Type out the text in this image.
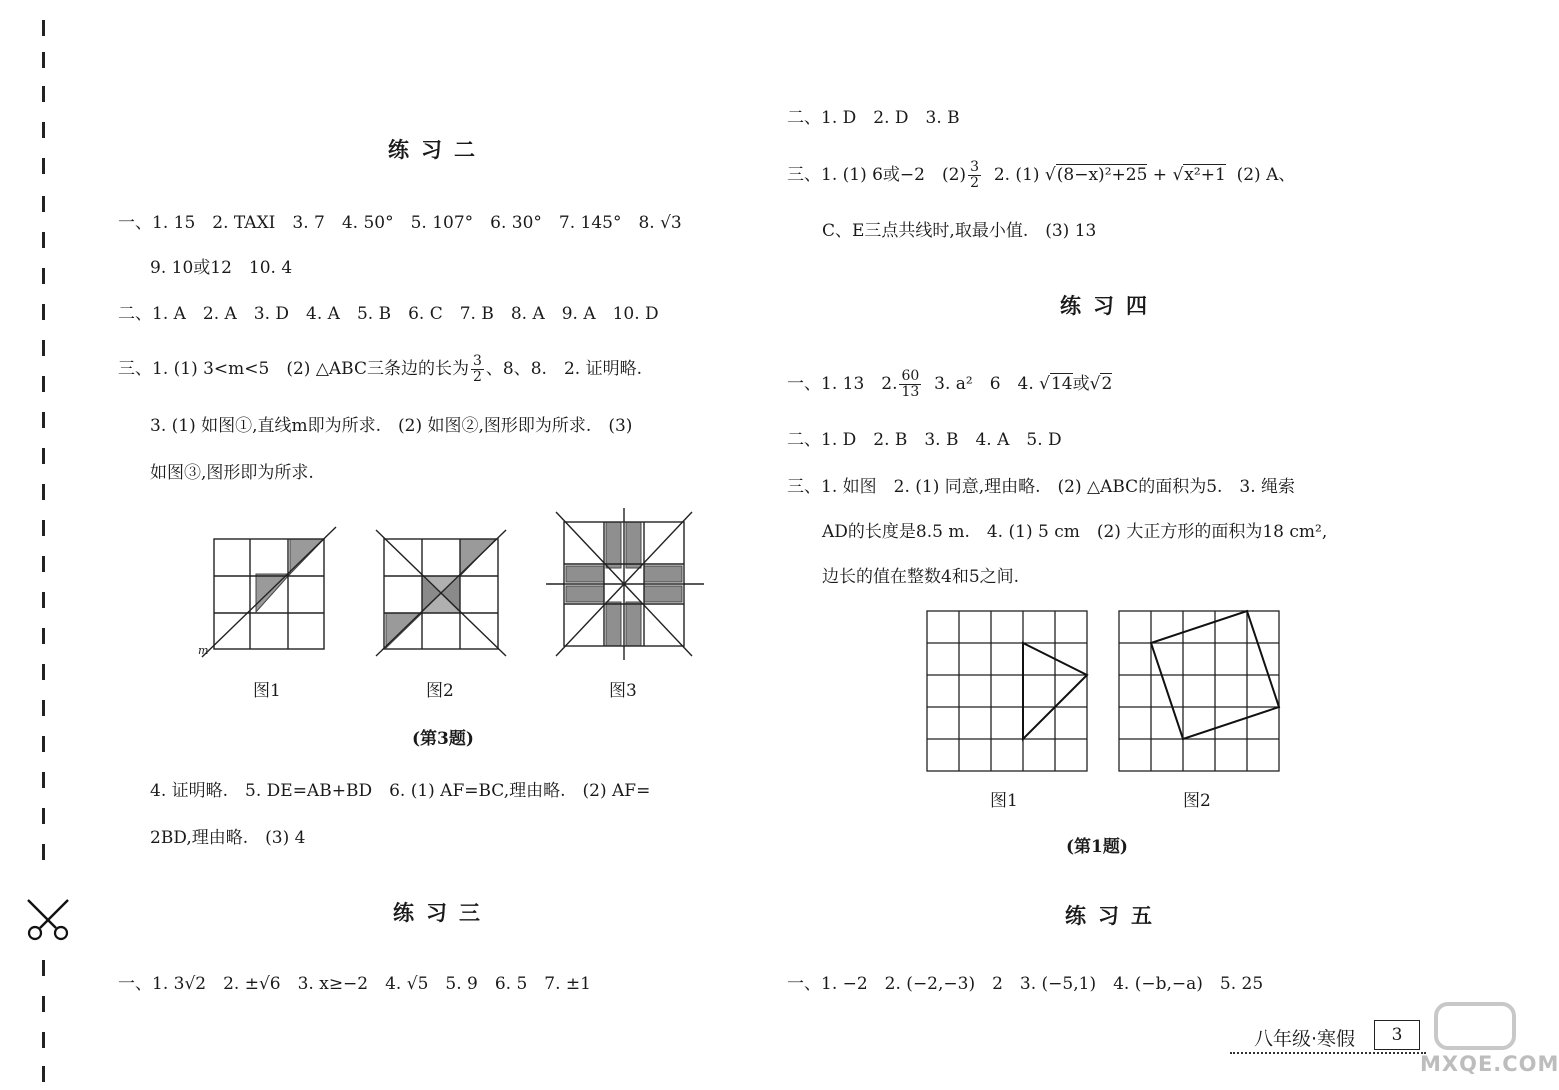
练习二
一、1. 15　2. TAXI　3. 7　4. 50°　5. 107°　6. 30°　7. 145°　8. √3
9. 10或12　10. 4
二、1. A　2. A　3. D　4. A　5. B　6. C　7. B　8. A　9. A　10. D
三、1. (1) 3<m<5　(2) △ABC三条边的长为 $\frac{3}{2}$ 、8、8.　2. 证明略.
3. (1) 如图①,直线m即为所求.　(2) 如图②,图形即为所求.　(3)
如图③,图形即为所求.
m
图1	图2	图3
(第3题)
4. 证明略.　5. DE=AB+BD　6. (1) AF=BC,理由略.　(2) AF=
2BD,理由略.　(3) 4
练习三
一、1. 3√2　2. ±√6　3. x≥−2　4. √5　5. 9　6. 5　7. ±1
二、1. D　2. D　3. B
三、1. (1) 6或−2　$(2) \frac{3}{2} 2$. (1) √(8−x)²+25 + √x²+1 (2) A、
C、E三点共线时,取最小值.　(3) 13
练习四
一、1. 13　2. $\frac{60}{13} 3$. a²　6　4. √14或√2
二、1. D　2. B　3. B　4. A　5. D
三、1. 如图　2. (1) 同意,理由略.　(2) △ABC的面积为5.　3. 绳索
AD的长度是8.5 m.　4. (1) 5 cm　(2) 大正方形的面积为18 cm²,
边长的值在整数4和5之间.
图1	图2
(第1题)
练习五
一、1. −2　2. (−2,−3)　2　3. (−5,1)　4. (−b,−a)　5. 25
八年级·寒假	3
MXQE.COM
